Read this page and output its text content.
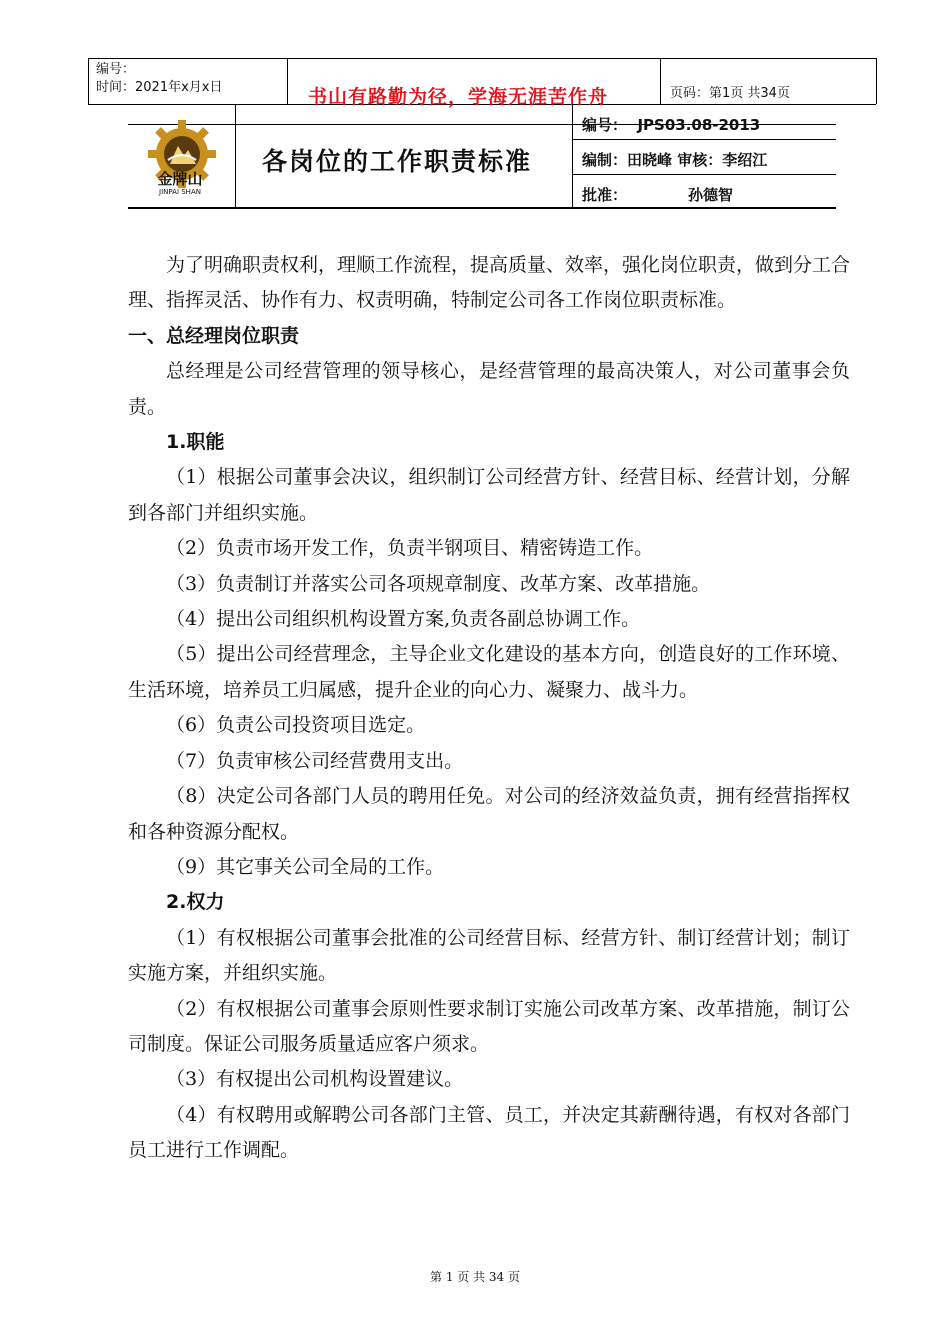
编号：
时间：2021年x月x日	书山有路勤为径，学海无涯苦作舟	页码：第1页 共34页
金牌山
JINPAI SHAN
各岗位的工作职责标准
编号：  JPS03.08-2013
编制：田晓峰 审核：李绍江
批准：	孙德智

为了明确职责权利，理顺工作流程，提高质量、效率，强化岗位职责，做到分工合理、指挥灵活、协作有力、权责明确，特制定公司各工作岗位职责标准。

一、总经理岗位职责

总经理是公司经营管理的领导核心，是经营管理的最高决策人，对公司董事会负责。

1.职能

（1）根据公司董事会决议，组织制订公司经营方针、经营目标、经营计划，分解到各部门并组织实施。

（2）负责市场开发工作，负责半钢项目、精密铸造工作。

（3）负责制订并落实公司各项规章制度、改革方案、改革措施。

（4）提出公司组织机构设置方案,负责各副总协调工作。

（5）提出公司经营理念，主导企业文化建设的基本方向，创造良好的工作环境、生活环境，培养员工归属感，提升企业的向心力、凝聚力、战斗力。

（6）负责公司投资项目选定。

（7）负责审核公司经营费用支出。

（8）决定公司各部门人员的聘用任免。对公司的经济效益负责，拥有经营指挥权和各种资源分配权。

（9）其它事关公司全局的工作。

2.权力

（1）有权根据公司董事会批准的公司经营目标、经营方针、制订经营计划；制订实施方案，并组织实施。

（2）有权根据公司董事会原则性要求制订实施公司改革方案、改革措施，制订公司制度。保证公司服务质量适应客户须求。

（3）有权提出公司机构设置建议。

（4）有权聘用或解聘公司各部门主管、员工，并决定其薪酬待遇，有权对各部门员工进行工作调配。

第 1 页 共 34 页
